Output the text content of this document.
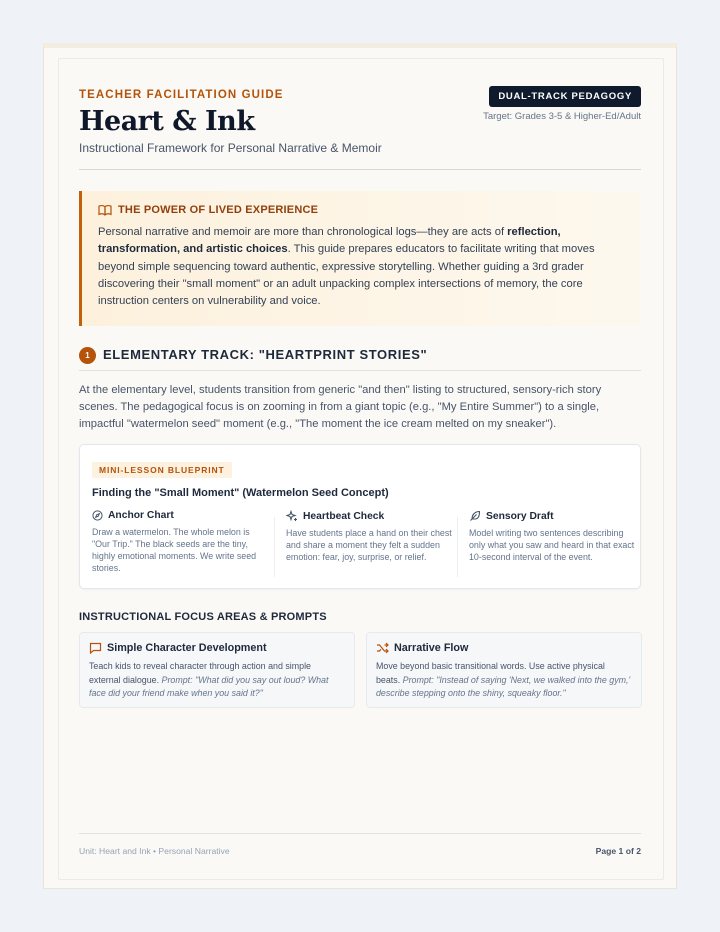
TEACHER FACILITATION GUIDE
Heart & Ink
Instructional Framework for Personal Narrative & Memoir
DUAL-TRACK PEDAGOGY
Target: Grades 3-5 & Higher-Ed/Adult
THE POWER OF LIVED EXPERIENCE
Personal narrative and memoir are more than chronological logs—they are acts of reflection, transformation, and artistic choices. This guide prepares educators to facilitate writing that moves beyond simple sequencing toward authentic, expressive storytelling. Whether guiding a 3rd grader discovering their "small moment" or an adult unpacking complex intersections of memory, the core instruction centers on vulnerability and voice.
1	ELEMENTARY TRACK: "HEARTPRINT STORIES"
At the elementary level, students transition from generic "and then" listing to structured, sensory-rich story scenes. The pedagogical focus is on zooming in from a giant topic (e.g., "My Entire Summer") to a single, impactful "watermelon seed" moment (e.g., "The moment the ice cream melted on my sneaker").
MINI-LESSON BLUEPRINT
Finding the "Small Moment" (Watermelon Seed Concept)
Anchor Chart
Draw a watermelon. The whole melon is "Our Trip." The black seeds are the tiny, highly emotional moments. We write seed stories.
Heartbeat Check
Have students place a hand on their chest and share a moment they felt a sudden emotion: fear, joy, surprise, or relief.
Sensory Draft
Model writing two sentences describing only what you saw and heard in that exact 10-second interval of the event.
INSTRUCTIONAL FOCUS AREAS & PROMPTS
Simple Character Development
Teach kids to reveal character through action and simple external dialogue. Prompt: "What did you say out loud? What face did your friend make when you said it?"
Narrative Flow
Move beyond basic transitional words. Use active physical beats. Prompt: "Instead of saying 'Next, we walked into the gym,' describe stepping onto the shiny, squeaky floor."
Unit: Heart and Ink • Personal Narrative	Page 1 of 2
